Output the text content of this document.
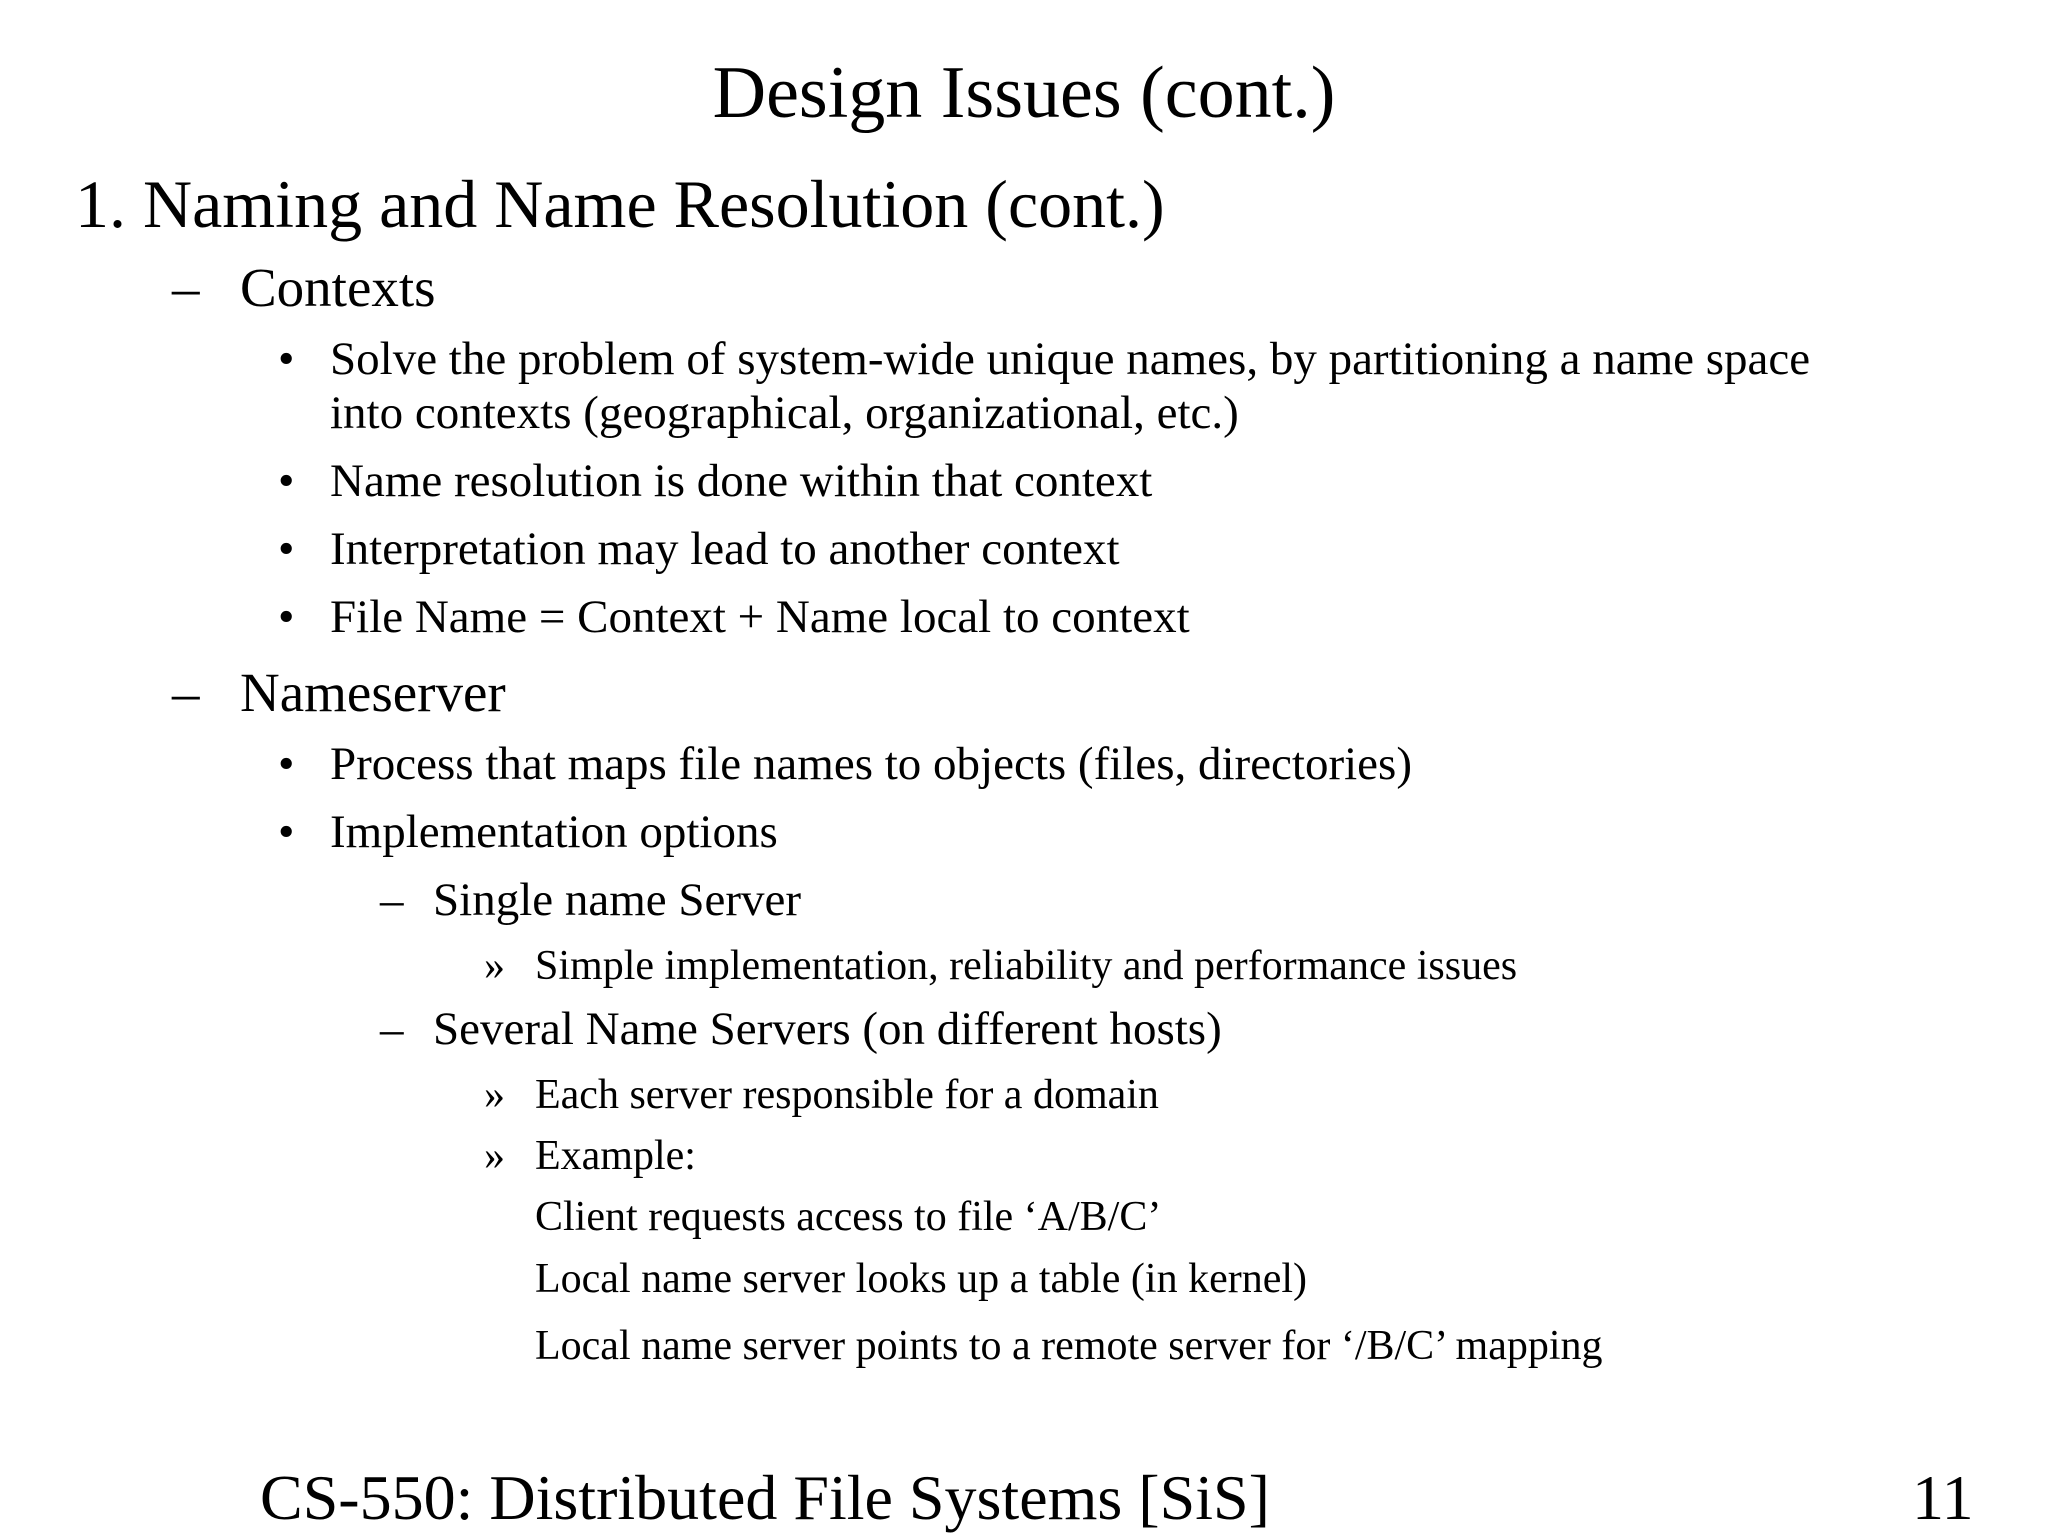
Design Issues (cont.)
1. Naming and Name Resolution (cont.)
– Contexts
• Solve the problem of system-wide unique names, by partitioning a name space
into contexts (geographical, organizational, etc.)
• Name resolution is done within that context
• Interpretation may lead to another context
• File Name = Context + Name local to context
– Nameserver
• Process that maps file names to objects (files, directories)
• Implementation options
– Single name Server
» Simple implementation, reliability and performance issues
– Several Name Servers (on different hosts)
» Each server responsible for a domain
» Example:
Client requests access to file ‘A/B/C’
Local name server looks up a table (in kernel)
Local name server points to a remote server for ‘/B/C’ mapping
CS-550: Distributed File Systems [SiS]	11
